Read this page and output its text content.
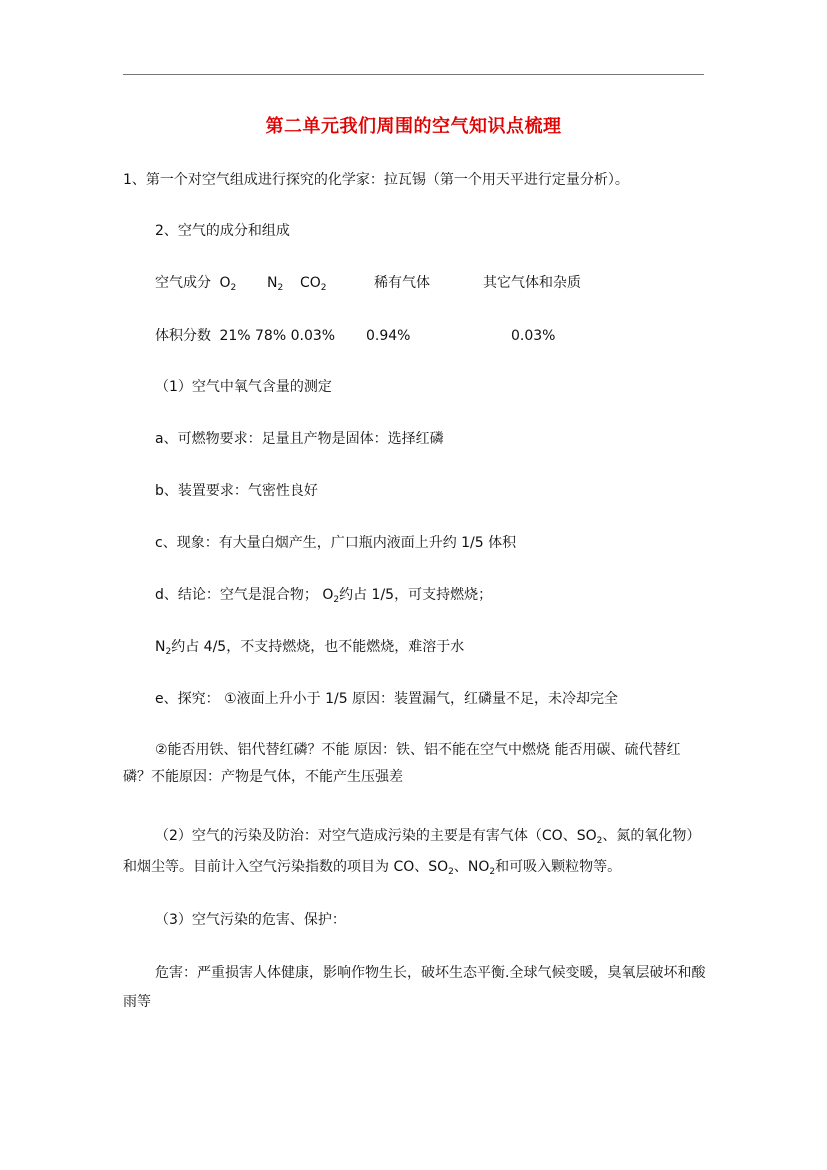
第二单元我们周围的空气知识点梳理
1、第一个对空气组成进行探究的化学家：拉瓦锡（第一个用天平进行定量分析）。
2、空气的成分和组成
空气成分 $O_2$ $N_2$ $CO_2$	稀有气体	其它气体和杂质
体积分数 21% 78% 0.03% 0.94%	0.03%
（1）空气中氧气含量的测定
a、可燃物要求：足量且产物是固体：选择红磷
b、装置要求：气密性良好
c、现象：有大量白烟产生，广口瓶内液面上升约 1/5 体积
d、结论：空气是混合物； $O_2$约占 1/5，可支持燃烧；
$N_2$约占 4/5，不支持燃烧，也不能燃烧，难溶于水
e、探究： ①液面上升小于 1/5 原因：装置漏气，红磷量不足，未冷却完全
②能否用铁、铝代替红磷？不能 原因：铁、铝不能在空气中燃烧 能否用碳、硫代替红
磷？不能原因：产物是气体，不能产生压强差
（2）空气的污染及防治：对空气造成污染的主要是有害气体（CO、$SO_2$、氮的氧化物）
和烟尘等。目前计入空气污染指数的项目为 CO、$SO_2$、$NO_2$和可吸入颗粒物等。
（3）空气污染的危害、保护：
危害：严重损害人体健康，影响作物生长，破坏生态平衡.全球气候变暖，臭氧层破坏和酸
雨等
